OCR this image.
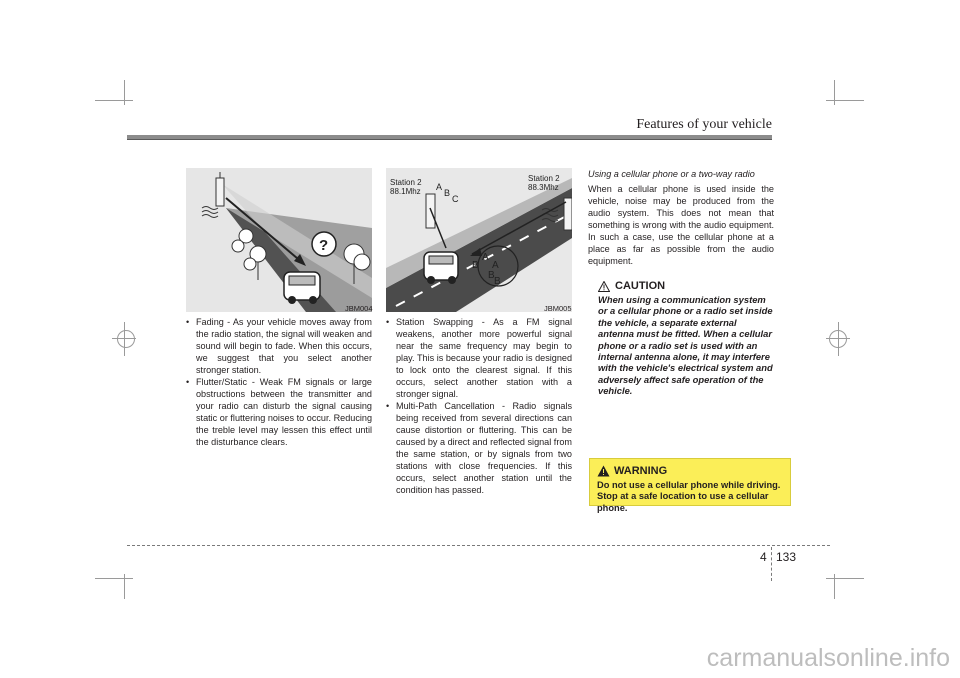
Features of your vehicle
?
JBM004
Station 2
88.1Mhz
Station 2
88.3Mhz
A
B
C
A
B A
B
B
JBM005
• Fading - As your vehicle moves away from the radio station, the signal will weaken and sound will begin to fade. When this occurs, we suggest that you select another stronger station.
• Flutter/Static - Weak FM signals or large obstructions between the transmitter and your radio can disturb the signal causing static or fluttering noises to occur. Reducing the treble level may lessen this effect until the disturbance clears.
• Station Swapping - As a FM signal weakens, another more powerful signal near the same frequency may begin to play. This is because your radio is designed to lock onto the clearest signal. If this occurs, select another station with a stronger signal.
• Multi-Path Cancellation - Radio signals being received from several directions can cause distortion or fluttering. This can be caused by a direct and reflected signal from the same station, or by signals from two stations with close frequencies. If this occurs, select another station until the condition has passed.
Using a cellular phone or a two-way radio
When a cellular phone is used inside the vehicle, noise may be produced from the audio system. This does not mean that something is wrong with the audio equipment. In such a case, use the cellular phone at a place as far as possible from the audio equipment.
CAUTION
When using a communication system or a cellular phone or a radio set inside the vehicle, a separate external antenna must be fitted. When a cellular phone or a radio set is used with an internal antenna alone, it may interfere with the vehicle's electrical system and adversely affect safe operation of the vehicle.
WARNING
Do not use a cellular phone while driving. Stop at a safe location to use a cellular phone.
4 133
carmanualsonline.info
